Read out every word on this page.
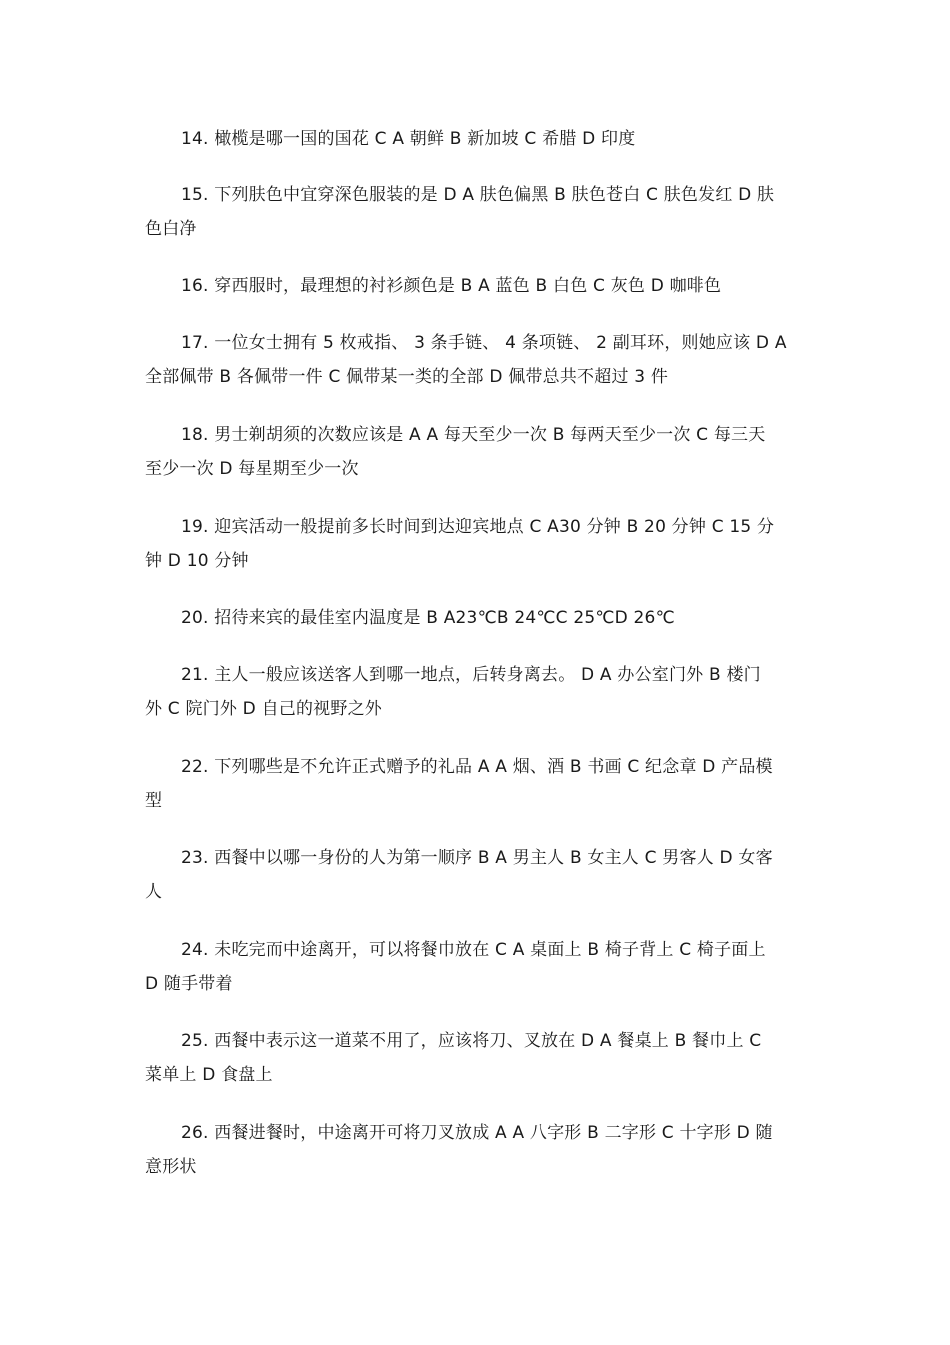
14. 橄榄是哪一国的国花 C A 朝鲜 B 新加坡 C 希腊 D 印度
15. 下列肤色中宜穿深色服装的是 D A 肤色偏黑 B 肤色苍白 C 肤色发红 D 肤
色白净
16. 穿西服时，最理想的衬衫颜色是 B A 蓝色 B 白色 C 灰色 D 咖啡色
17. 一位女士拥有 5 枚戒指、 3 条手链、 4 条项链、 2 副耳环，则她应该 D A
全部佩带 B 各佩带一件 C 佩带某一类的全部 D 佩带总共不超过 3 件
18. 男士剃胡须的次数应该是 A A 每天至少一次 B 每两天至少一次 C 每三天
至少一次 D 每星期至少一次
19. 迎宾活动一般提前多长时间到达迎宾地点 C A30 分钟 B 20 分钟 C 15 分
钟 D 10 分钟
20. 招待来宾的最佳室内温度是 B A23℃B 24℃C 25℃D 26℃
21. 主人一般应该送客人到哪一地点，后转身离去。 D A 办公室门外 B 楼门
外 C 院门外 D 自己的视野之外
22. 下列哪些是不允许正式赠予的礼品 A A 烟、酒 B 书画 C 纪念章 D 产品模
型
23. 西餐中以哪一身份的人为第一顺序 B A 男主人 B 女主人 C 男客人 D 女客
人
24. 未吃完而中途离开，可以将餐巾放在 C A 桌面上 B 椅子背上 C 椅子面上
D 随手带着
25. 西餐中表示这一道菜不用了，应该将刀、叉放在 D A 餐桌上 B 餐巾上 C
菜单上 D 食盘上
26. 西餐进餐时，中途离开可将刀叉放成 A A 八字形 B 二字形 C 十字形 D 随
意形状
